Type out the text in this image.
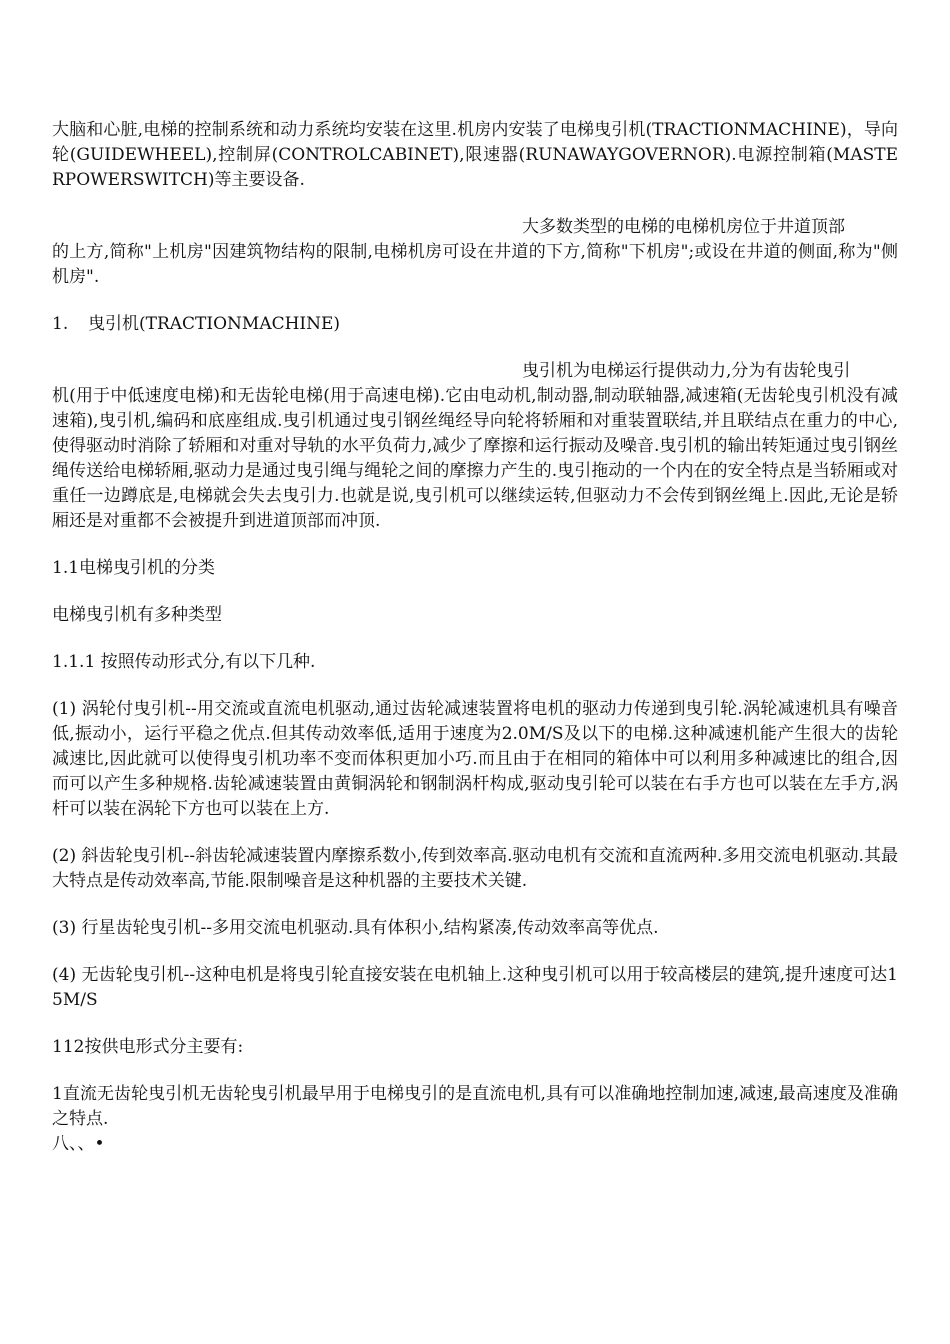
大脑和心脏,电梯的控制系统和动力系统均安装在这里.机房内安装了电梯曳引机(TRACTIONMACHINE)，导向轮(GUIDEWHEEL),控制屏(CONTROLCABINET),限速器(RUNAWAYGOVERNOR).电源控制箱(MASTERPOWERSWITCH)等主要设备.

大多数类型的电梯的电梯机房位于井道顶部

的上方,简称"上机房"因建筑物结构的限制,电梯机房可设在井道的下方,简称"下机房";或设在井道的侧面,称为"侧机房".

1. 曳引机(TRACTIONMACHINE)

曳引机为电梯运行提供动力,分为有齿轮曳引

机(用于中低速度电梯)和无齿轮电梯(用于高速电梯).它由电动机,制动器,制动联轴器,减速箱(无齿轮曳引机没有减速箱),曳引机,编码和底座组成.曳引机通过曳引钢丝绳经导向轮将轿厢和对重装置联结,并且联结点在重力的中心,使得驱动时消除了轿厢和对重对导轨的水平负荷力,减少了摩擦和运行振动及噪音.曳引机的输出转矩通过曳引钢丝绳传送给电梯轿厢,驱动力是通过曳引绳与绳轮之间的摩擦力产生的.曳引拖动的一个内在的安全特点是当轿厢或对重任一边蹲底是,电梯就会失去曳引力.也就是说,曳引机可以继续运转,但驱动力不会传到钢丝绳上.因此,无论是轿厢还是对重都不会被提升到进道顶部而冲顶.

1.1电梯曳引机的分类

电梯曳引机有多种类型

1.1.1 按照传动形式分,有以下几种.

(1) 涡轮付曳引机--用交流或直流电机驱动,通过齿轮减速装置将电机的驱动力传递到曳引轮.涡轮减速机具有噪音低,振动小，运行平稳之优点.但其传动效率低,适用于速度为2.0M/S及以下的电梯.这种减速机能产生很大的齿轮减速比,因此就可以使得曳引机功率不变而体积更加小巧.而且由于在相同的箱体中可以利用多种减速比的组合,因而可以产生多种规格.齿轮减速装置由黄铜涡轮和钢制涡杆构成,驱动曳引轮可以装在右手方也可以装在左手方,涡杆可以装在涡轮下方也可以装在上方.

(2) 斜齿轮曳引机--斜齿轮减速装置内摩擦系数小,传到效率高.驱动电机有交流和直流两种.多用交流电机驱动.其最大特点是传动效率高,节能.限制噪音是这种机器的主要技术关键.

(3) 行星齿轮曳引机--多用交流电机驱动.具有体积小,结构紧凑,传动效率高等优点.

(4) 无齿轮曳引机--这种电机是将曳引轮直接安装在电机轴上.这种曳引机可以用于较高楼层的建筑,提升速度可达15M/S

112按供电形式分主要有:

1直流无齿轮曳引机无齿轮曳引机最早用于电梯曳引的是直流电机,具有可以准确地控制加速,减速,最高速度及准确之特点.

八、、•
